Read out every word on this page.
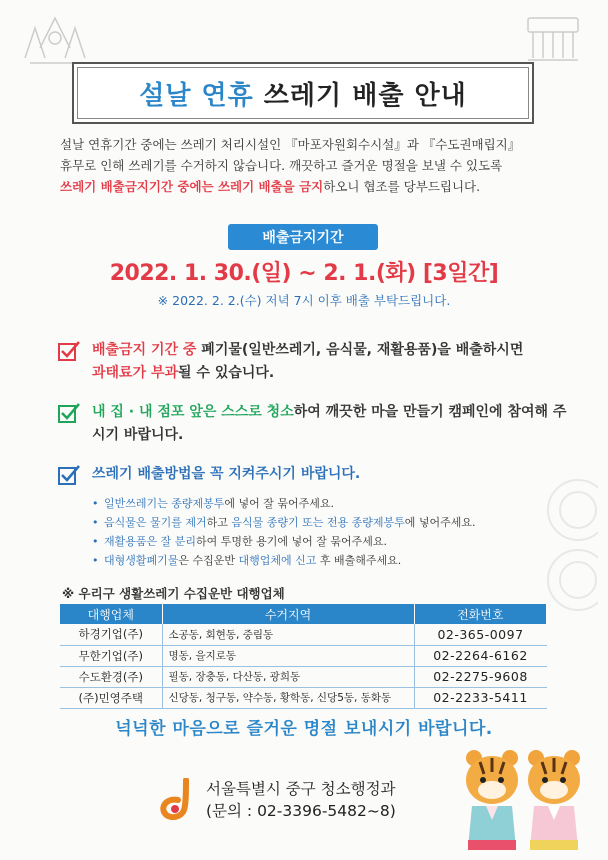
설날 연휴 쓰레기 배출 안내
설날 연휴기간 중에는 쓰레기 처리시설인 『마포자원회수시설』과 『수도권매립지』
휴무로 인해 쓰레기를 수거하지 않습니다. 깨끗하고 즐거운 명절을 보낼 수 있도록
쓰레기 배출금지기간 중에는 쓰레기 배출을 금지하오니 협조를 당부드립니다.
배출금지기간
2022. 1. 30.(일) ~ 2. 1.(화) [3일간]
※ 2022. 2. 2.(수) 저녁 7시 이후 배출 부탁드립니다.
배출금지 기간 중 폐기물(일반쓰레기, 음식물, 재활용품)을 배출하시면
과태료가 부과될 수 있습니다.
내 집 · 내 점포 앞은 스스로 청소하여 깨끗한 마을 만들기 캠페인에 참여해 주시기 바랍니다.
쓰레기 배출방법을 꼭 지켜주시기 바랍니다.
• 일반쓰레기는 종량제봉투에 넣어 잘 묶어주세요.
• 음식물은 물기를 제거하고 음식물 종량기 또는 전용 종량제봉투에 넣어주세요.
• 재활용품은 잘 분리하여 투명한 용기에 넣어 잘 묶어주세요.
• 대형생활폐기물은 수집운반 대행업체에 신고 후 배출해주세요.
※ 우리구 생활쓰레기 수집운반 대행업체
대행업체	수거지역	전화번호
하경기업(주)	소공동, 회현동, 중림동	02-365-0097
무한기업(주)	명동, 을지로동	02-2264-6162
수도환경(주)	필동, 장충동, 다산동, 광희동	02-2275-9608
(주)민영주택	신당동, 청구동, 약수동, 황학동, 신당5동, 동화동	02-2233-5411
넉넉한 마음으로 즐거운 명절 보내시기 바랍니다.
서울특별시 중구 청소행정과
(문의 : 02-3396-5482~8)
